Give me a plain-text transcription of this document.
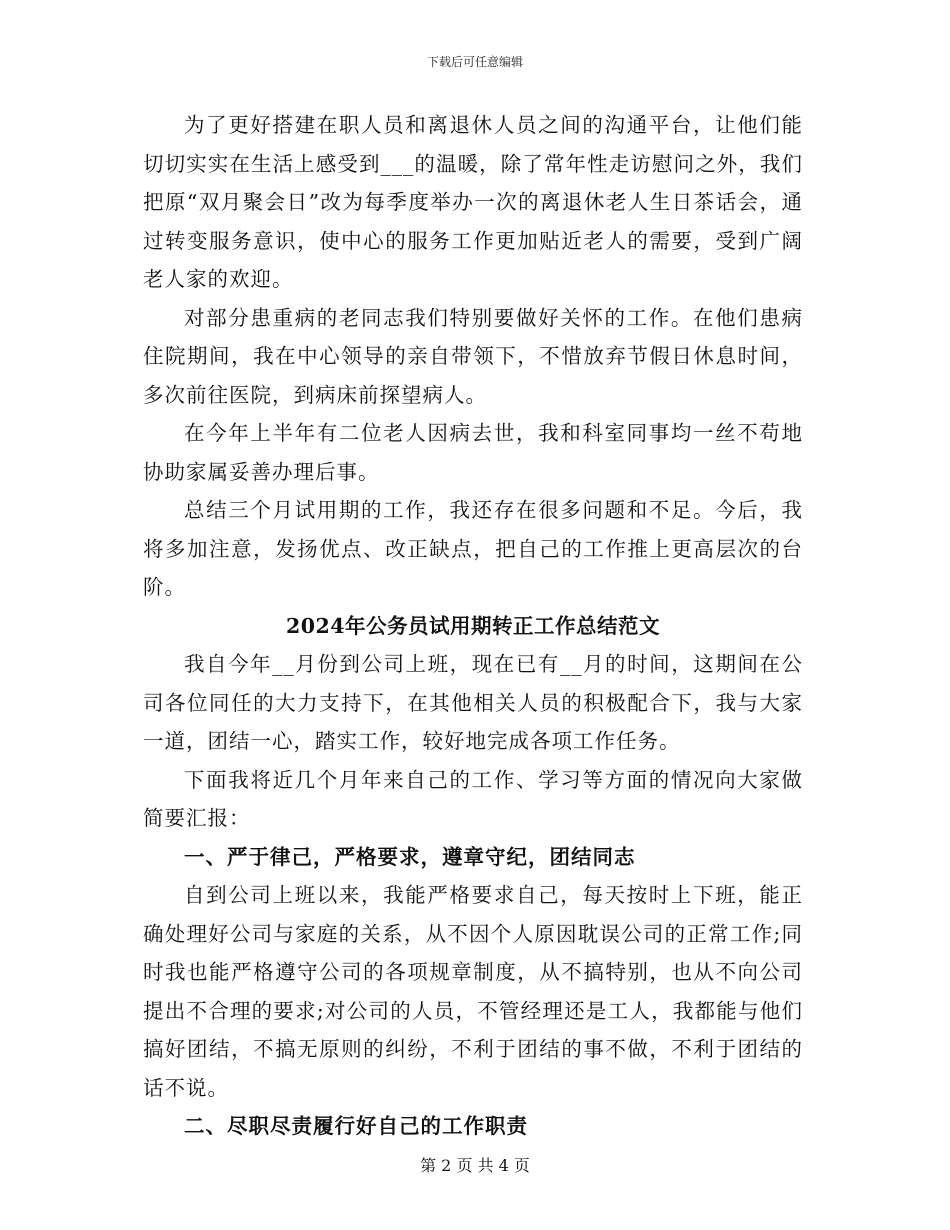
下载后可任意编辑

为了更好搭建在职人员和离退休人员之间的沟通平台，让他们能切切实实在生活上感受到___的温暖，除了常年性走访慰问之外，我们把原“双月聚会日”改为每季度举办一次的离退休老人生日茶话会，通过转变服务意识，使中心的服务工作更加贴近老人的需要，受到广阔老人家的欢迎。

对部分患重病的老同志我们特别要做好关怀的工作。在他们患病住院期间，我在中心领导的亲自带领下，不惜放弃节假日休息时间，多次前往医院，到病床前探望病人。

在今年上半年有二位老人因病去世，我和科室同事均一丝不苟地协助家属妥善办理后事。

总结三个月试用期的工作，我还存在很多问题和不足。今后，我将多加注意，发扬优点、改正缺点，把自己的工作推上更高层次的台阶。

2024年公务员试用期转正工作总结范文

我自今年__月份到公司上班，现在已有__月的时间，这期间在公司各位同任的大力支持下，在其他相关人员的积极配合下，我与大家一道，团结一心，踏实工作，较好地完成各项工作任务。

下面我将近几个月年来自己的工作、学习等方面的情况向大家做简要汇报：

一、严于律己，严格要求，遵章守纪，团结同志

自到公司上班以来，我能严格要求自己，每天按时上下班，能正确处理好公司与家庭的关系，从不因个人原因耽误公司的正常工作;同时我也能严格遵守公司的各项规章制度，从不搞特别，也从不向公司提出不合理的要求;对公司的人员，不管经理还是工人，我都能与他们搞好团结，不搞无原则的纠纷，不利于团结的事不做，不利于团结的话不说。

二、尽职尽责履行好自己的工作职责

第 2 页 共 4 页
